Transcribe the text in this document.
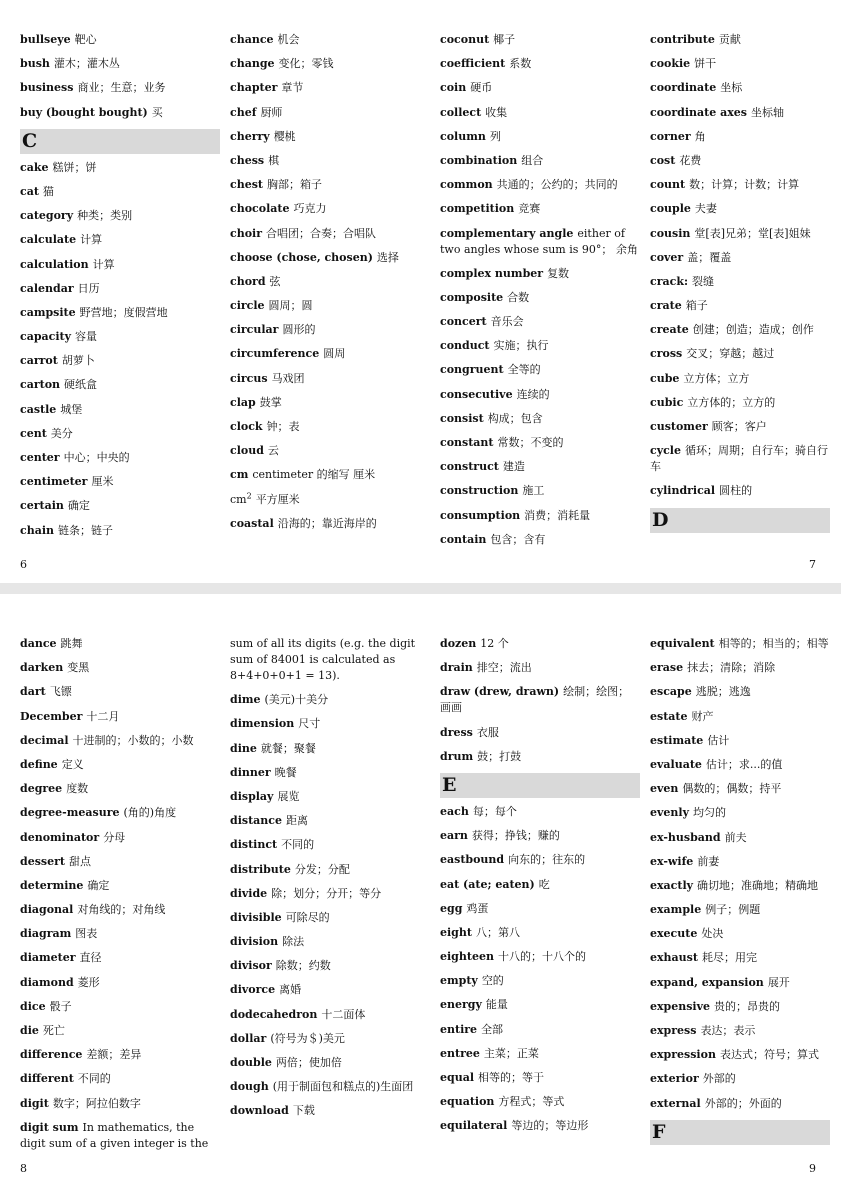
bullseye 靶心
bush 灌木；灌木丛
business 商业；生意；业务
buy (bought bought) 买
C
cake 糕饼；饼
cat 猫
category 种类；类别
calculate 计算
calculation 计算
calendar 日历
campsite 野营地；度假营地
capacity 容量
carrot 胡萝卜
carton 硬纸盒
castle 城堡
cent 美分
center 中心；中央的
centimeter 厘米
certain 确定
chain 链条；链子
chance 机会
change 变化；零钱
chapter 章节
chef 厨师
cherry 樱桃
chess 棋
chest 胸部；箱子
chocolate 巧克力
choir 合唱团；合奏；合唱队
choose (chose, chosen) 选择
chord 弦
circle 圆周；圆
circular 圆形的
circumference 圆周
circus 马戏团
clap 鼓掌
clock 钟；表
cloud 云
cm centimeter 的缩写 厘米
$cm^2$ 平方厘米
coastal 沿海的；靠近海岸的
coconut 椰子
coefficient 系数
coin 硬币
collect 收集
column 列
combination 组合
common 共通的；公约的；共同的
competition 竞赛
complementary angle either of two angles whose sum is 90°； 余角
complex number 复数
composite 合数
concert 音乐会
conduct 实施；执行
congruent 全等的
consecutive 连续的
consist 构成；包含
constant 常数；不变的
construct 建造
construction 施工
consumption 消费；消耗量
contain 包含；含有
contribute 贡献
cookie 饼干
coordinate 坐标
coordinate axes 坐标轴
corner 角
cost 花费
count 数；计算；计数；计算
couple 夫妻
cousin 堂[表]兄弟；堂[表]姐妹
cover 盖；覆盖
crack: 裂缝
crate 箱子
create 创建；创造；造成；创作
cross 交叉；穿越；越过
cube 立方体；立方
cubic 立方体的；立方的
customer 顾客；客户
cycle 循环；周期；自行车；骑自行车
cylindrical 圆柱的
D
6	7
dance 跳舞
darken 变黑
dart 飞镖
December 十二月
decimal 十进制的；小数的；小数
define 定义
degree 度数
degree-measure (角的)角度
denominator 分母
dessert 甜点
determine 确定
diagonal 对角线的；对角线
diagram 图表
diameter 直径
diamond 菱形
dice 骰子
die 死亡
difference 差额；差异
different 不同的
digit 数字；阿拉伯数字
digit sum In mathematics, the digit sum of a given integer is the
sum of all its digits (e.g. the digit sum of 84001 is calculated as 8+4+0+0+1 = 13).
dime (美元)十美分
dimension 尺寸
dine 就餐；聚餐
dinner 晚餐
display 展览
distance 距离
distinct 不同的
distribute 分发；分配
divide 除；划分；分开；等分
divisible 可除尽的
division 除法
divisor 除数；约数
divorce 离婚
dodecahedron 十二面体
dollar (符号为＄)美元
double 两倍；使加倍
dough (用于制面包和糕点的)生面团
download 下载
dozen 12 个
drain 排空；流出
draw (drew, drawn) 绘制；绘图；画画
dress 衣服
drum 鼓；打鼓
E
each 每；每个
earn 获得；挣钱；赚的
eastbound 向东的；往东的
eat (ate; eaten) 吃
egg 鸡蛋
eight 八；第八
eighteen 十八的；十八个的
empty 空的
energy 能量
entire 全部
entree 主菜；正菜
equal 相等的；等于
equation 方程式；等式
equilateral 等边的；等边形
equivalent 相等的；相当的；相等
erase 抹去；清除；消除
escape 逃脱；逃逸
estate 财产
estimate 估计
evaluate 估计；求...的值
even 偶数的；偶数；持平
evenly 均匀的
ex-husband 前夫
ex-wife 前妻
exactly 确切地；准确地；精确地
example 例子；例题
execute 处决
exhaust 耗尽；用完
expand, expansion 展开
expensive 贵的；昂贵的
express 表达；表示
expression 表达式；符号；算式
exterior 外部的
external 外部的；外面的
F
8	9
